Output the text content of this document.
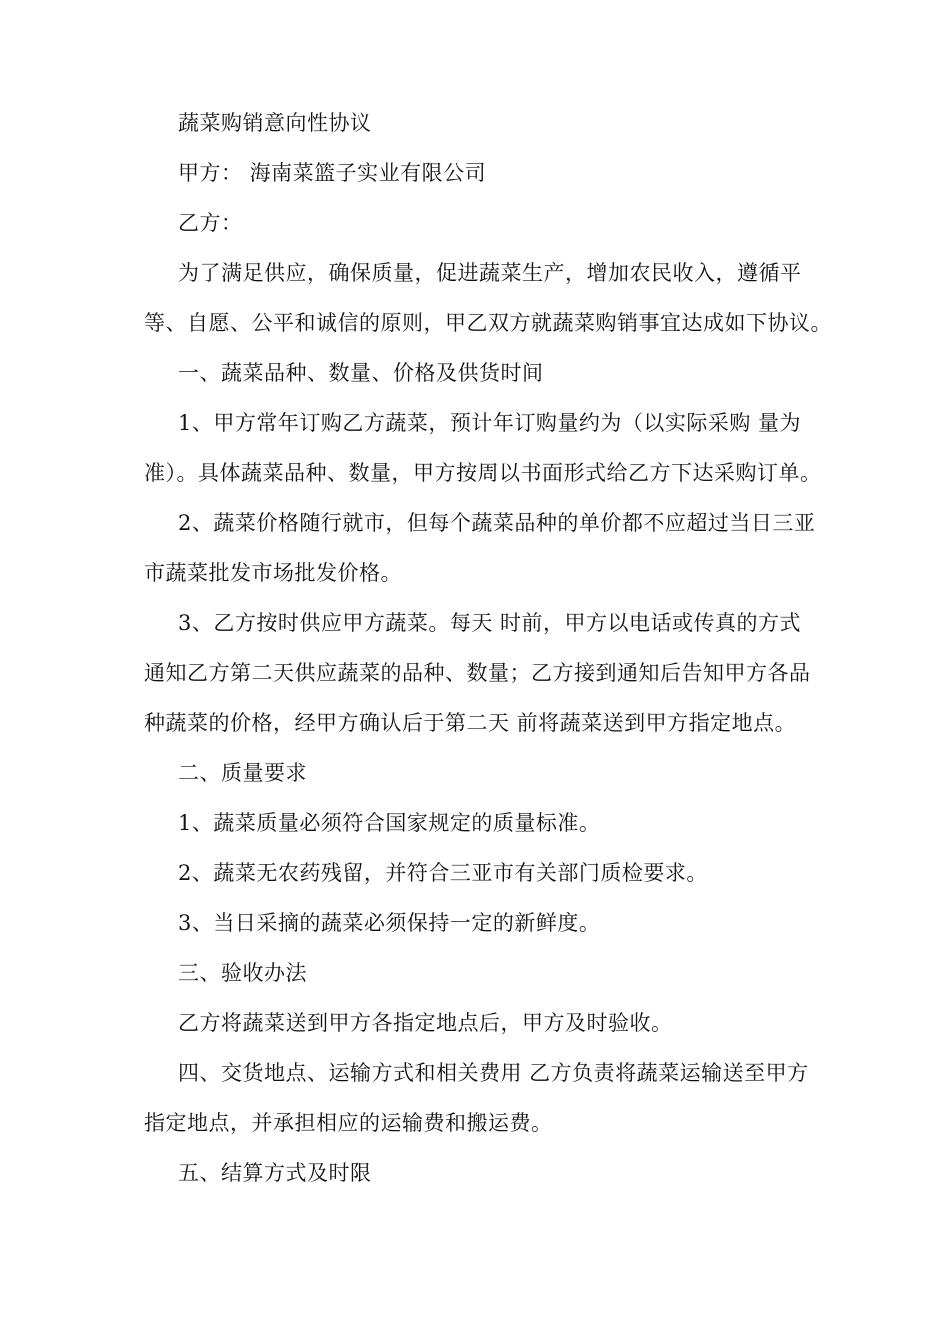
蔬菜购销意向性协议
甲方： 海南菜篮子实业有限公司
乙方：
为了满足供应，确保质量，促进蔬菜生产，增加农民收入，遵循平
等、自愿、公平和诚信的原则，甲乙双方就蔬菜购销事宜达成如下协议。
一、蔬菜品种、数量、价格及供货时间
1、甲方常年订购乙方蔬菜，预计年订购量约为（以实际采购 量为
准）。具体蔬菜品种、数量，甲方按周以书面形式给乙方下达采购订单。
2、蔬菜价格随行就市，但每个蔬菜品种的单价都不应超过当日三亚
市蔬菜批发市场批发价格。
3、乙方按时供应甲方蔬菜。每天 时前，甲方以电话或传真的方式
通知乙方第二天供应蔬菜的品种、数量；乙方接到通知后告知甲方各品
种蔬菜的价格，经甲方确认后于第二天 前将蔬菜送到甲方指定地点。
二、质量要求
1、蔬菜质量必须符合国家规定的质量标准。
2、蔬菜无农药残留，并符合三亚市有关部门质检要求。
3、当日采摘的蔬菜必须保持一定的新鲜度。
三、验收办法
乙方将蔬菜送到甲方各指定地点后，甲方及时验收。
四、交货地点、运输方式和相关费用 乙方负责将蔬菜运输送至甲方
指定地点，并承担相应的运输费和搬运费。
五、结算方式及时限
